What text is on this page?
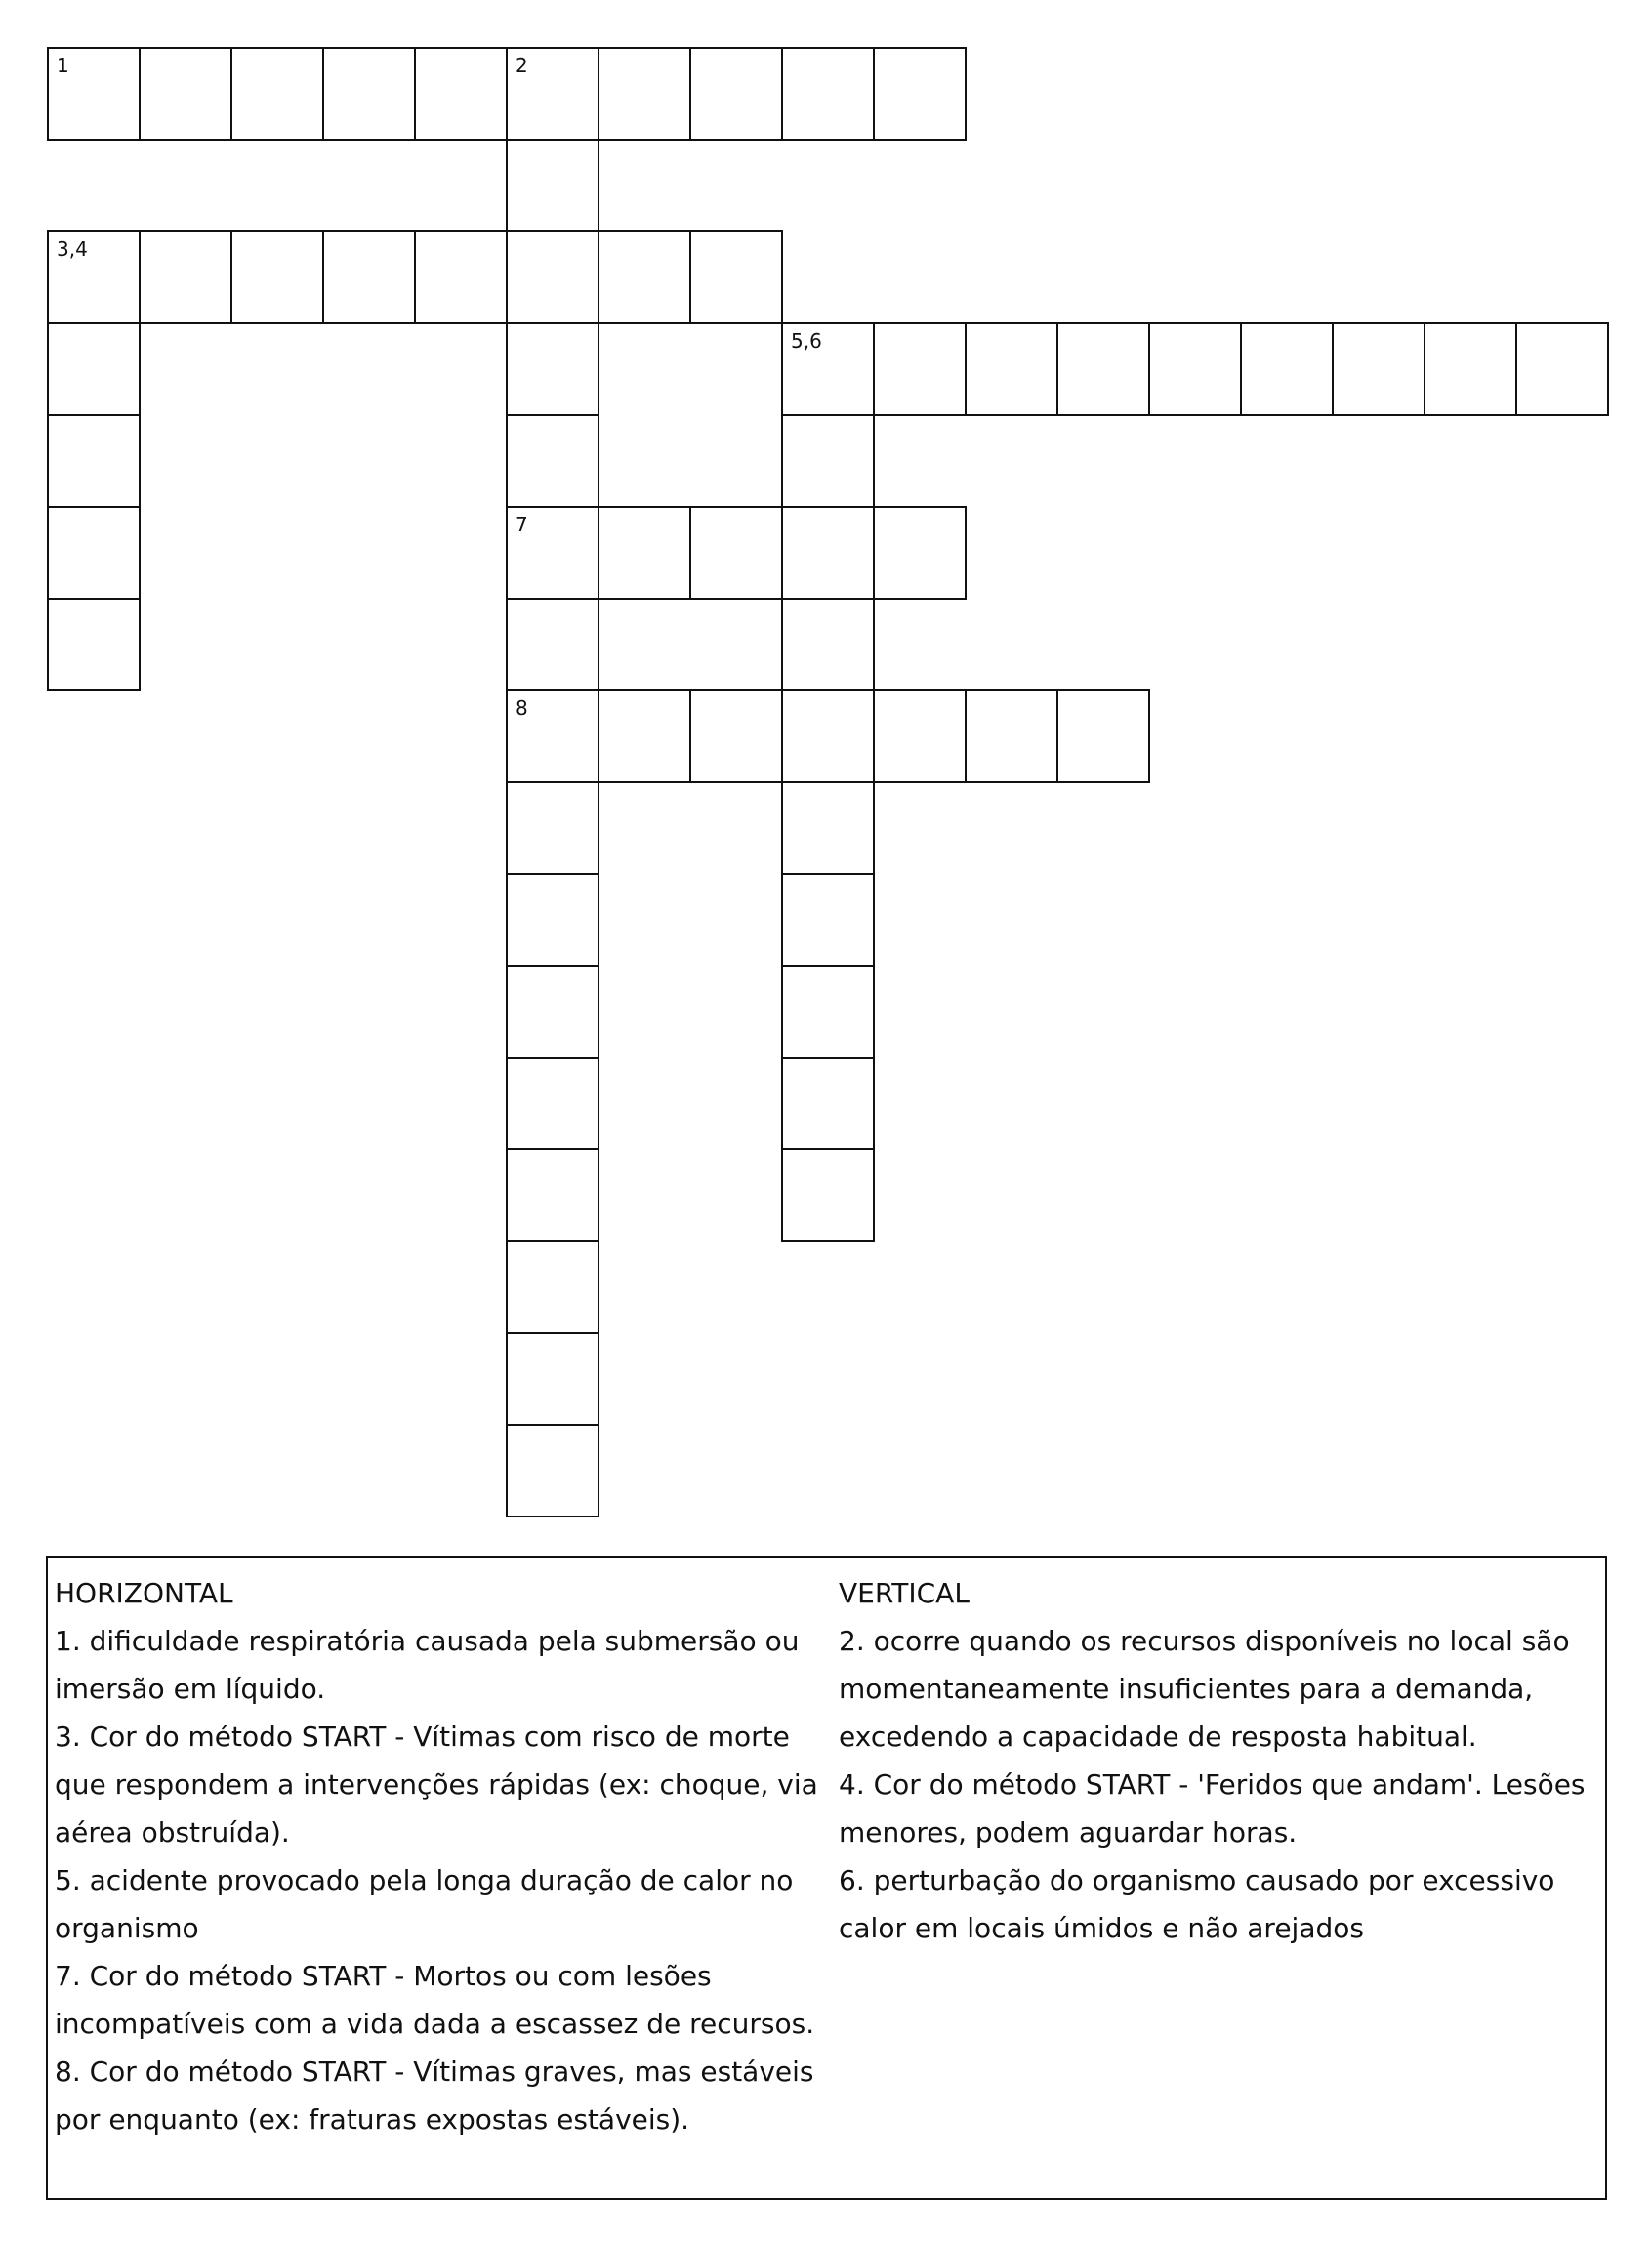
1	2
3,4
5,6
7
8

HORIZONTAL

1. dificuldade respiratória causada pela submersão ou imersão em líquido.

3. Cor do método START - Vítimas com risco de morte que respondem a intervenções rápidas (ex: choque, via aérea obstruída).

5. acidente provocado pela longa duração de calor no organismo

7. Cor do método START - Mortos ou com lesões incompatíveis com a vida dada a escassez de recursos.

8. Cor do método START - Vítimas graves, mas estáveis por enquanto (ex: fraturas expostas estáveis).

VERTICAL

2. ocorre quando os recursos disponíveis no local são momentaneamente insuficientes para a demanda, excedendo a capacidade de resposta habitual.

4. Cor do método START - 'Feridos que andam'. Lesões menores, podem aguardar horas.

6. perturbação do organismo causado por excessivo calor em locais úmidos e não arejados
